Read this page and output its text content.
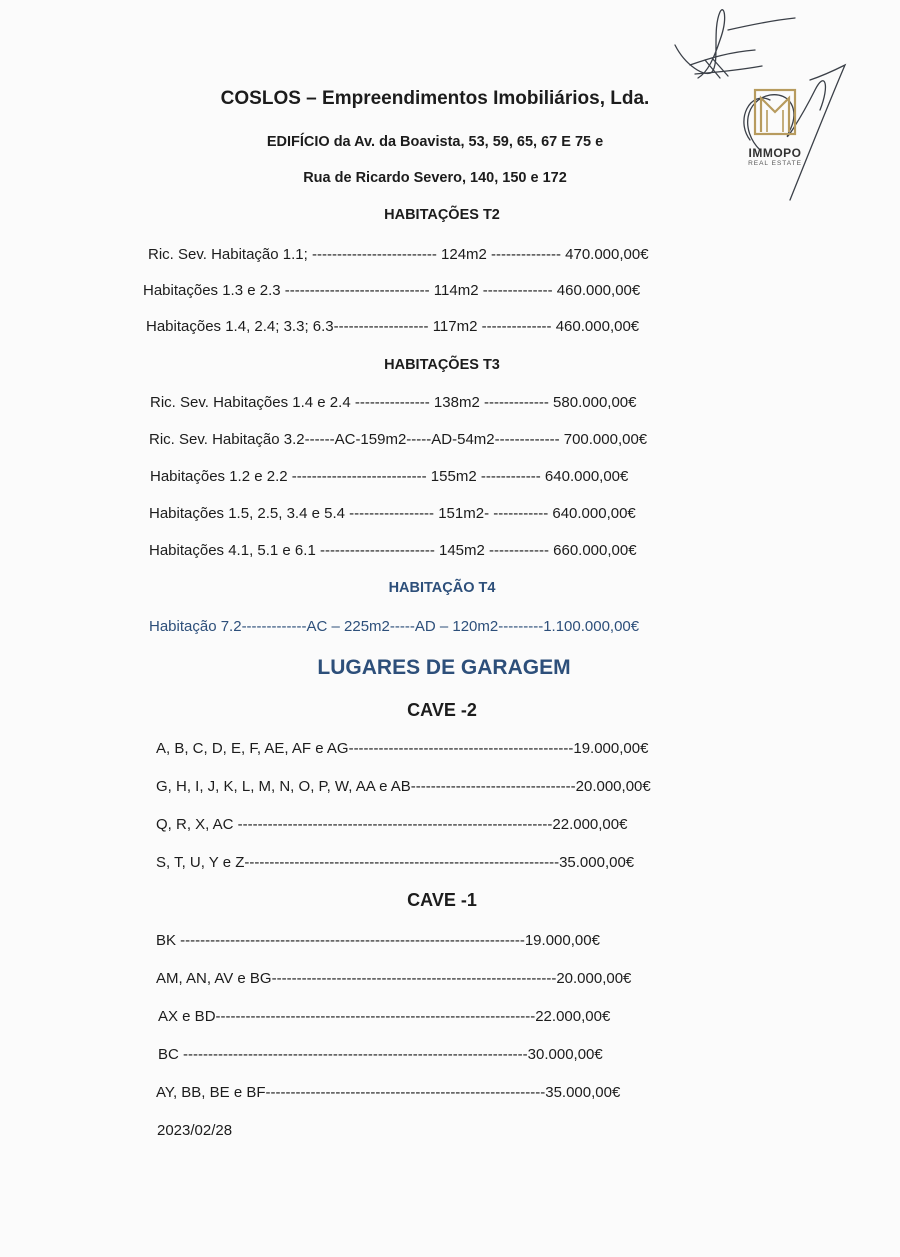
IMMOPO
REAL ESTATE
COSLOS – Empreendimentos Imobiliários, Lda.
EDIFÍCIO da Av. da Boavista, 53, 59, 65, 67 E 75 e
Rua de Ricardo Severo, 140, 150 e 172
HABITAÇÕES T2
Ric. Sev. Habitação 1.1; ------------------------- 124m2 -------------- 470.000,00€
Habitações 1.3 e 2.3 ----------------------------- 114m2 -------------- 460.000,00€
Habitações 1.4, 2.4; 3.3; 6.3------------------- 117m2 -------------- 460.000,00€
HABITAÇÕES T3
Ric. Sev. Habitações 1.4 e 2.4 --------------- 138m2 ------------- 580.000,00€
Ric. Sev. Habitação 3.2------AC-159m2-----AD-54m2------------- 700.000,00€
Habitações 1.2 e 2.2 --------------------------- 155m2 ------------ 640.000,00€
Habitações 1.5, 2.5, 3.4 e 5.4 ----------------- 151m2- ----------- 640.000,00€
Habitações 4.1, 5.1 e 6.1 ----------------------- 145m2 ------------ 660.000,00€
HABITAÇÃO T4
Habitação 7.2-------------AC – 225m2-----AD – 120m2---------1.100.000,00€
LUGARES DE GARAGEM
CAVE -2
A, B, C, D, E, F, AE, AF e AG---------------------------------------------19.000,00€
G, H, I, J, K, L, M, N, O, P, W, AA e AB---------------------------------20.000,00€
Q, R, X, AC ---------------------------------------------------------------22.000,00€
S, T, U, Y e Z---------------------------------------------------------------35.000,00€
CAVE -1
BK ---------------------------------------------------------------------19.000,00€
AM, AN, AV e BG---------------------------------------------------------20.000,00€
AX e BD----------------------------------------------------------------22.000,00€
BC ---------------------------------------------------------------------30.000,00€
AY, BB, BE e BF--------------------------------------------------------35.000,00€
2023/02/28
